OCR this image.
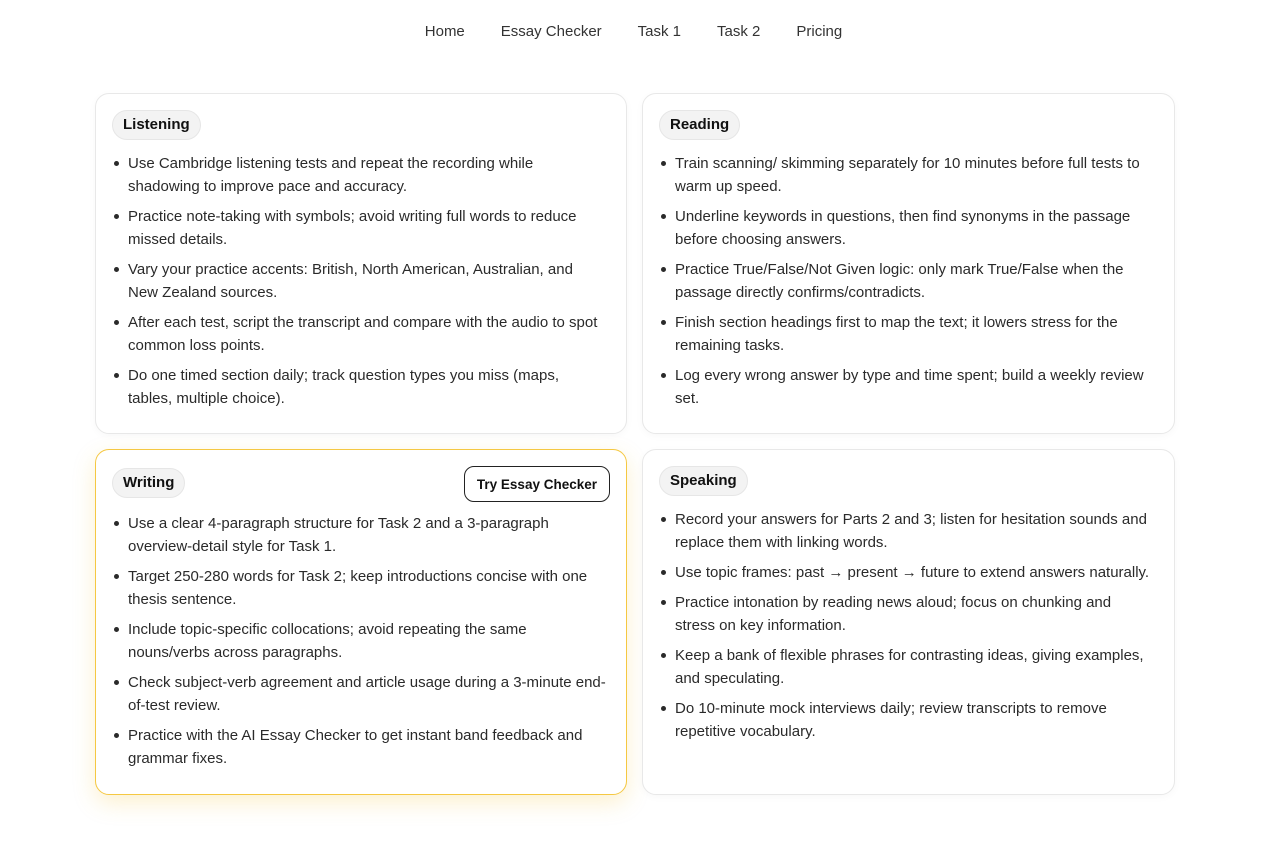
Home	Essay Checker	Task 1	Task 2	Pricing
Listening
Use Cambridge listening tests and repeat the recording while shadowing to improve pace and accuracy.
Practice note-taking with symbols; avoid writing full words to reduce missed details.
Vary your practice accents: British, North American, Australian, and New Zealand sources.
After each test, script the transcript and compare with the audio to spot common loss points.
Do one timed section daily; track question types you miss (maps, tables, multiple choice).
Reading
Train scanning/ skimming separately for 10 minutes before full tests to warm up speed.
Underline keywords in questions, then find synonyms in the passage before choosing answers.
Practice True/False/Not Given logic: only mark True/False when the passage directly confirms/contradicts.
Finish section headings first to map the text; it lowers stress for the remaining tasks.
Log every wrong answer by type and time spent; build a weekly review set.
Writing	Try Essay Checker
Use a clear 4-paragraph structure for Task 2 and a 3-paragraph overview-detail style for Task 1.
Target 250-280 words for Task 2; keep introductions concise with one thesis sentence.
Include topic-specific collocations; avoid repeating the same nouns/verbs across paragraphs.
Check subject-verb agreement and article usage during a 3-minute end-of-test review.
Practice with the AI Essay Checker to get instant band feedback and grammar fixes.
Speaking
Record your answers for Parts 2 and 3; listen for hesitation sounds and replace them with linking words.
Use topic frames: past → present → future to extend answers naturally.
Practice intonation by reading news aloud; focus on chunking and stress on key information.
Keep a bank of flexible phrases for contrasting ideas, giving examples, and speculating.
Do 10-minute mock interviews daily; review transcripts to remove repetitive vocabulary.
